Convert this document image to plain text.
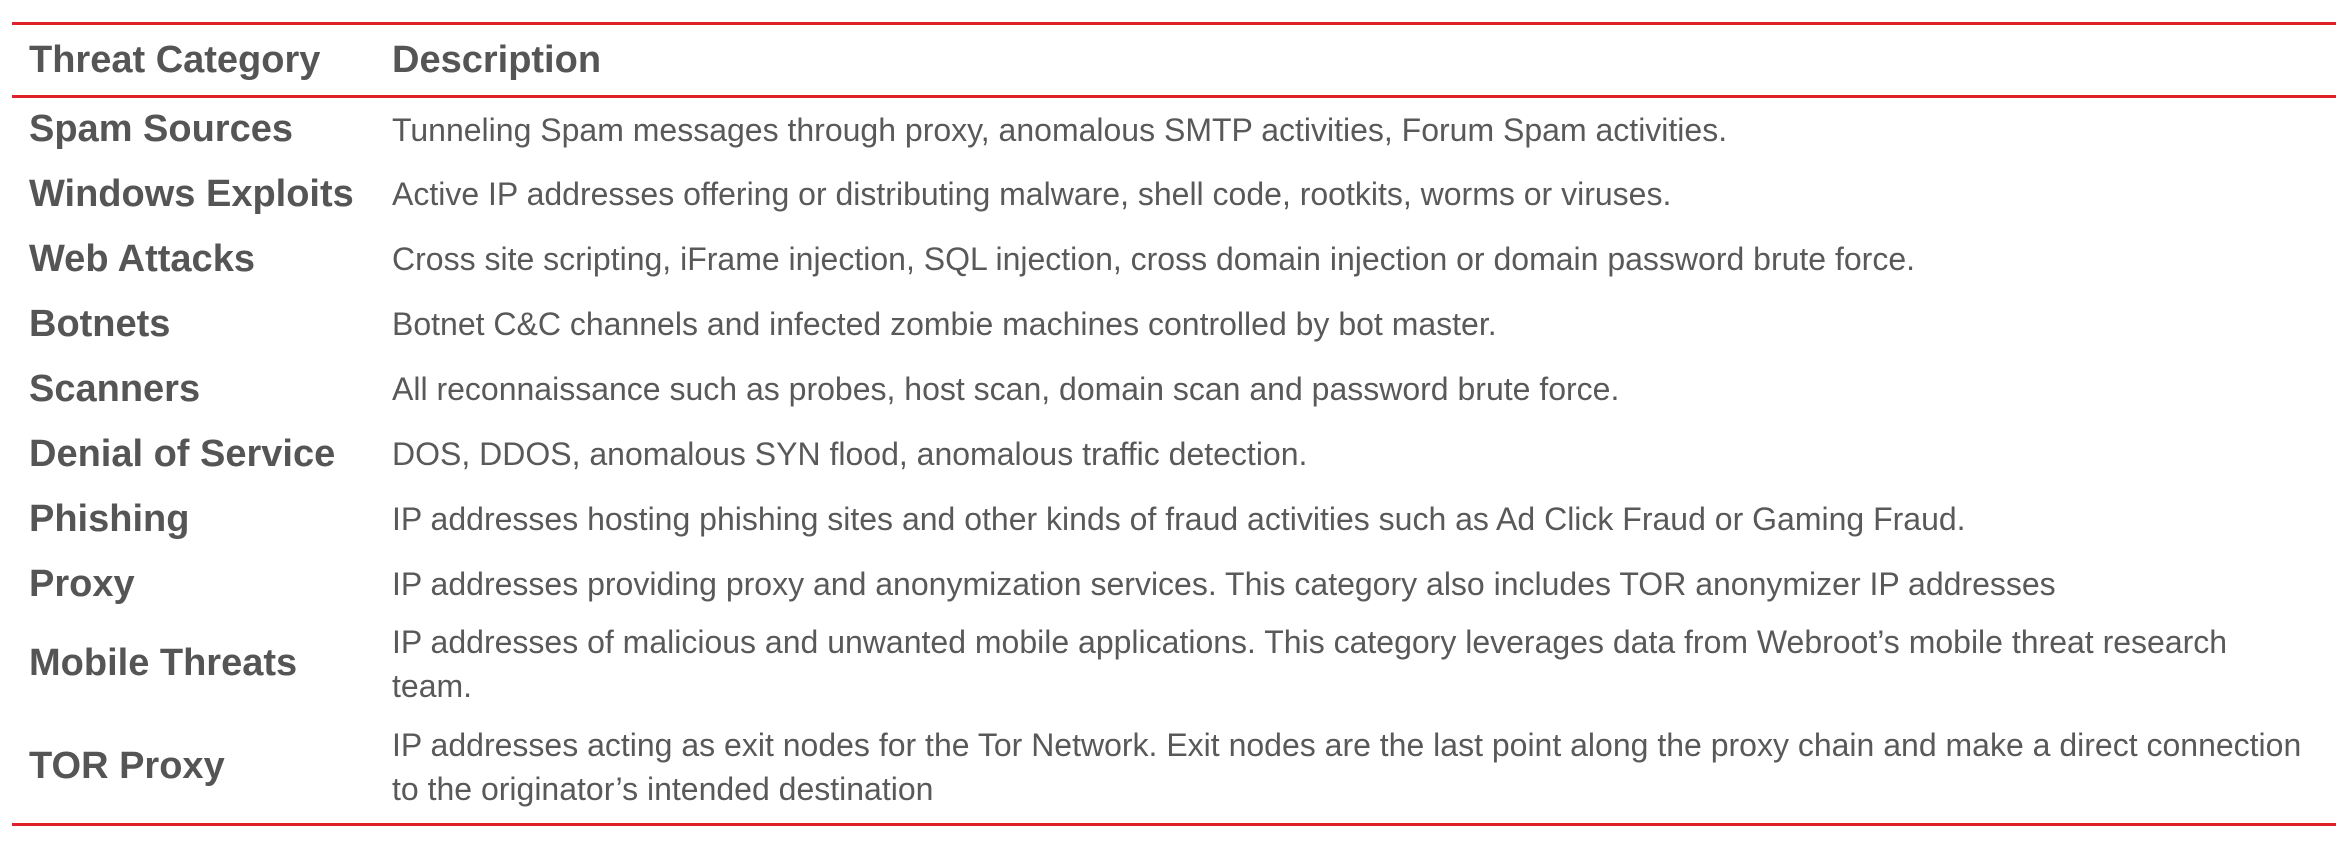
Threat Category	Description
Spam Sources	Tunneling Spam messages through proxy, anomalous SMTP activities, Forum Spam activities.
Windows Exploits	Active IP addresses offering or distributing malware, shell code, rootkits, worms or viruses.
Web Attacks	Cross site scripting, iFrame injection, SQL injection, cross domain injection or domain password brute force.
Botnets	Botnet C&C channels and infected zombie machines controlled by bot master.
Scanners	All reconnaissance such as probes, host scan, domain scan and password brute force.
Denial of Service	DOS, DDOS, anomalous SYN flood, anomalous traffic detection.
Phishing	IP addresses hosting phishing sites and other kinds of fraud activities such as Ad Click Fraud or Gaming Fraud.
Proxy	IP addresses providing proxy and anonymization services. This category also includes TOR anonymizer IP addresses
Mobile Threats	IP addresses of malicious and unwanted mobile applications. This category leverages data from Webroot’s mobile threat research team.
TOR Proxy	IP addresses acting as exit nodes for the Tor Network. Exit nodes are the last point along the proxy chain and make a direct connection to the originator’s intended destination
